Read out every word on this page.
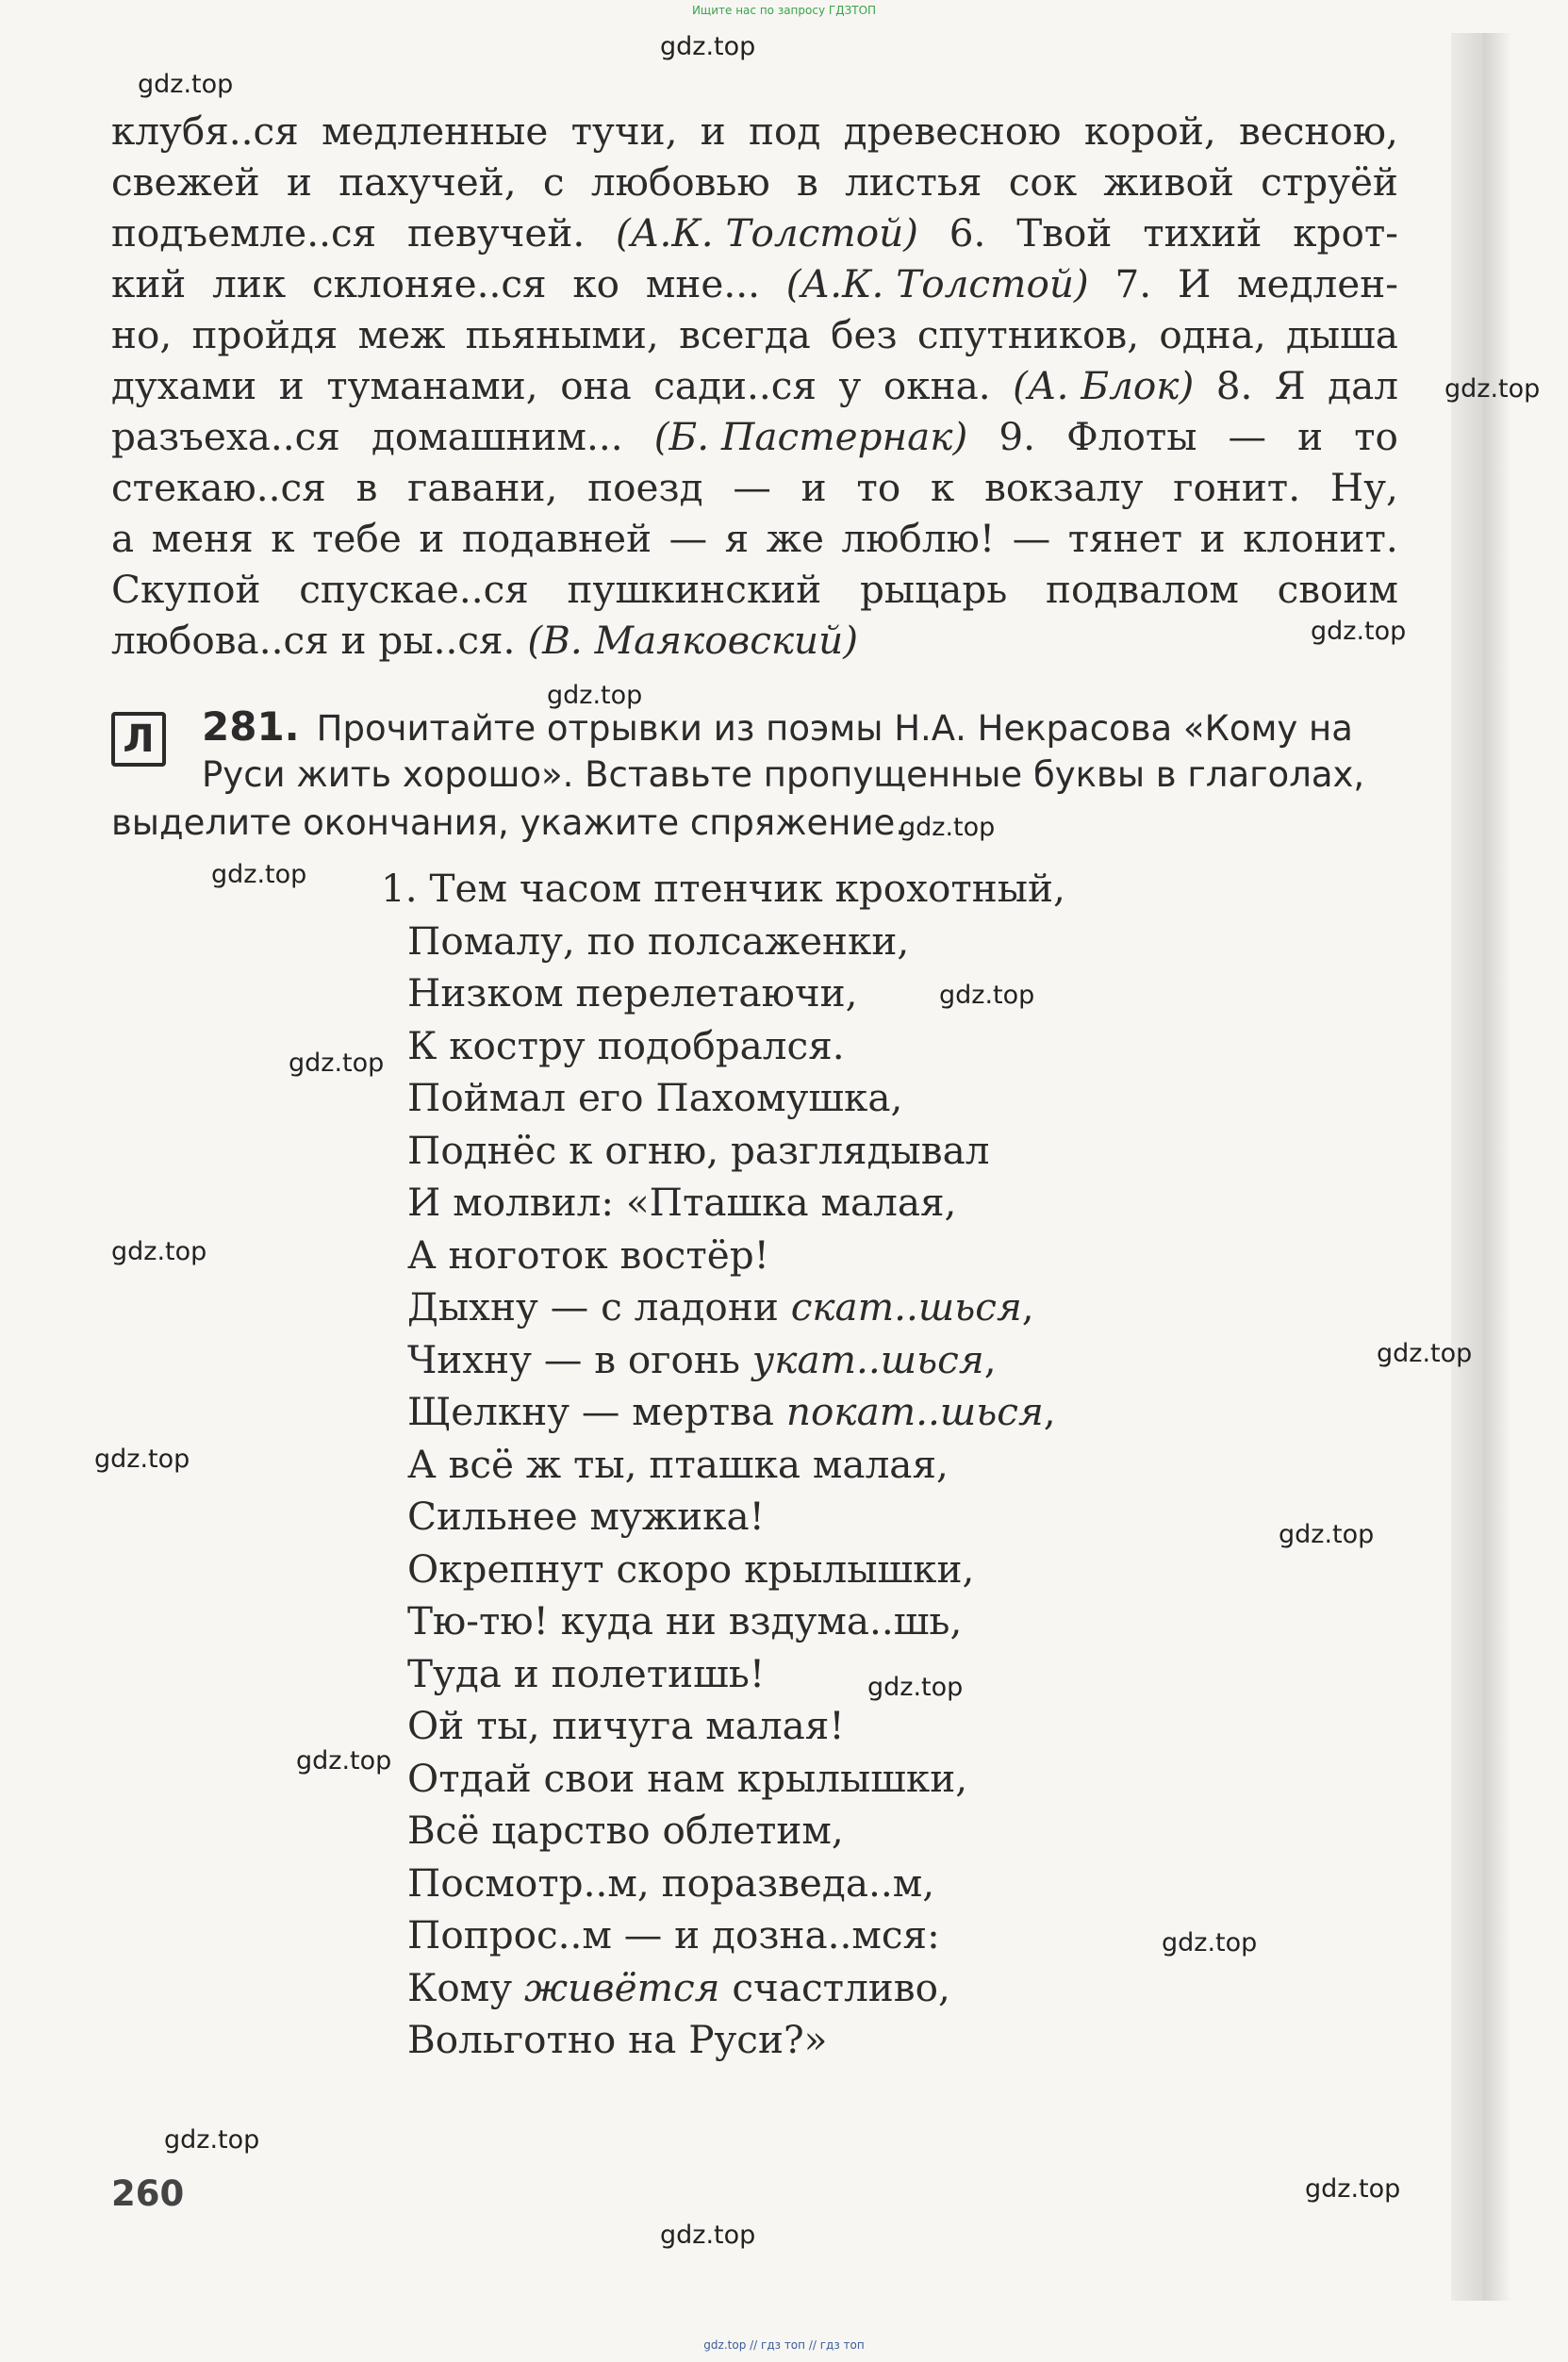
Ищите нас по запросу ГДЗТОП
gdz.top
gdz.top
gdz.top
gdz.top
gdz.top
gdz.top
gdz.top
gdz.top
gdz.top
gdz.top
gdz.top
gdz.top
gdz.top
gdz.top
gdz.top
gdz.top
gdz.top
gdz.top
gdz.top
клубя..ся медленные тучи, и под древесною корой, весною,
свежей и пахучей, с любовью в листья сок живой струёй
подъемле..ся певучей. (А.К. Толстой) 6. Твой тихий крот-
кий лик склоняе..ся ко мне... (А.К. Толстой) 7. И медлен-
но, пройдя меж пьяными, всегда без спутников, одна, дыша
духами и туманами, она сади..ся у окна. (А. Блок) 8. Я дал
разъеха..ся домашним... (Б. Пастернак) 9. Флоты — и то
стекаю..ся в гавани, поезд — и то к вокзалу гонит. Ну,
а меня к тебе и подавней — я же люблю! — тянет и клонит.
Скупой спускае..ся пушкинский рыцарь подвалом своим
любова..ся и ры..ся. (В. Маяковский)
Л	281. Прочитайте отрывки из поэмы Н.А. Некрасова «Кому на
Руси жить хорошо». Вставьте пропущенные буквы в глаголах,
выделите окончания, укажите спряжение.
1. Тем часом птенчик крохотный,
Помалу, по полсаженки,
Низком перелетаючи,
К костру подобрался.
Поймал его Пахомушка,
Поднёс к огню, разглядывал
И молвил: «Пташка малая,
А ноготок востёр!
Дыхну — с ладони скат..шься,
Чихну — в огонь укат..шься,
Щелкну — мертва покат..шься,
А всё ж ты, пташка малая,
Сильнее мужика!
Окрепнут скоро крылышки,
Тю-тю! куда ни вздума..шь,
Туда и полетишь!
Ой ты, пичуга малая!
Отдай свои нам крылышки,
Всё царство облетим,
Посмотр..м, поразведа..м,
Попрос..м — и дозна..мся:
Кому живётся счастливо,
Вольготно на Руси?»
260
gdz.top // гдз топ // гдз топ
